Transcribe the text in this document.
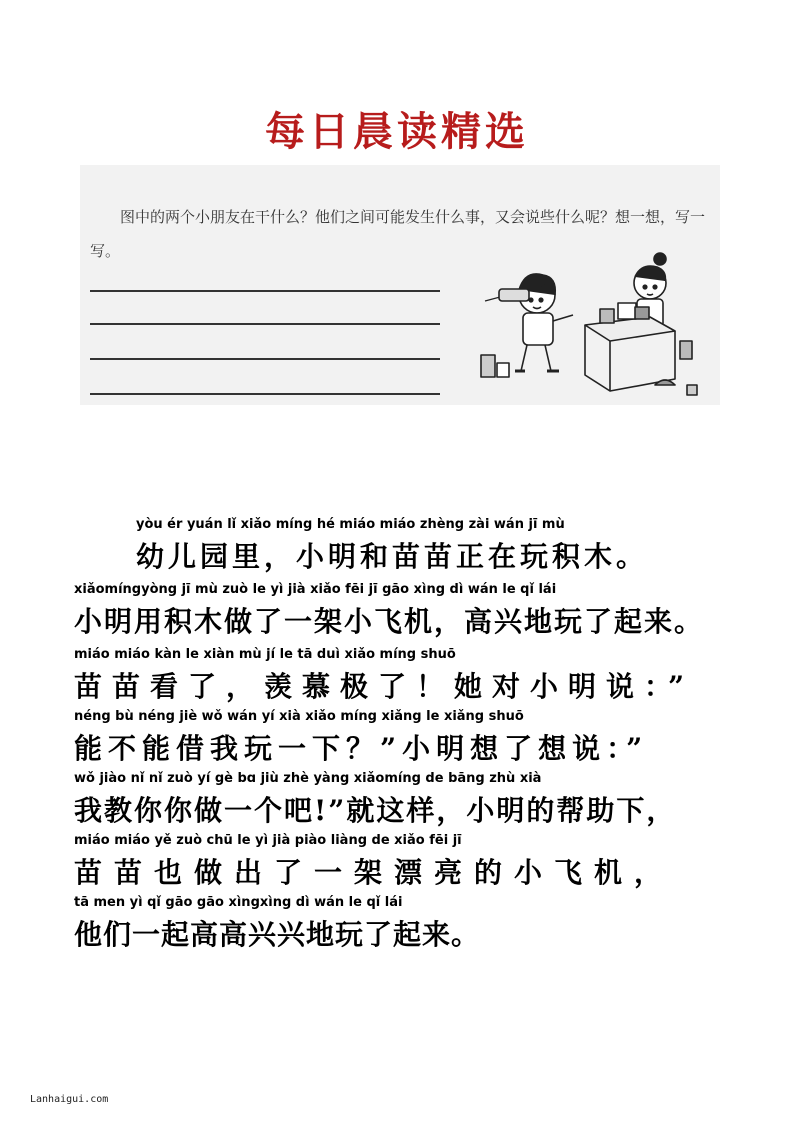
每日晨读精选
图中的两个小朋友在干什么？他们之间可能发生什么事，又会说些什么呢？想一想，写一写。
yòu ér yuán lǐ xiǎo míng hé miáo miáo zhèng zài wán jī mù
幼儿园里，小明和苗苗正在玩积木。
xiǎomíngyòng jī mù zuò le yì jià xiǎo fēi jī gāo xìng dì wán le qǐ lái
小明用积木做了一架小飞机，高兴地玩了起来。
miáo miáo kàn le xiàn mù jí le tā duì xiǎo míng shuō
苗苗看了，羡慕极了！她对小明说：”
néng bù néng jiè wǒ wán yí xià xiǎo míng xiǎng le xiǎng shuō
能不能借我玩一下？”小明想了想说：”
wǒ jiào nǐ nǐ zuò yí gè bɑ jiù zhè yàng xiǎomíng de bāng zhù xià
我教你你做一个吧!”就这样，小明的帮助下，
miáo miáo yě zuò chū le yì jià piào liàng de xiǎo fēi jī
苗苗也做出了一架漂亮的小飞机，
tā men yì qǐ gāo gāo xìngxìng dì wán le qǐ lái
他们一起高高兴兴地玩了起来。
Lanhaigui.com
